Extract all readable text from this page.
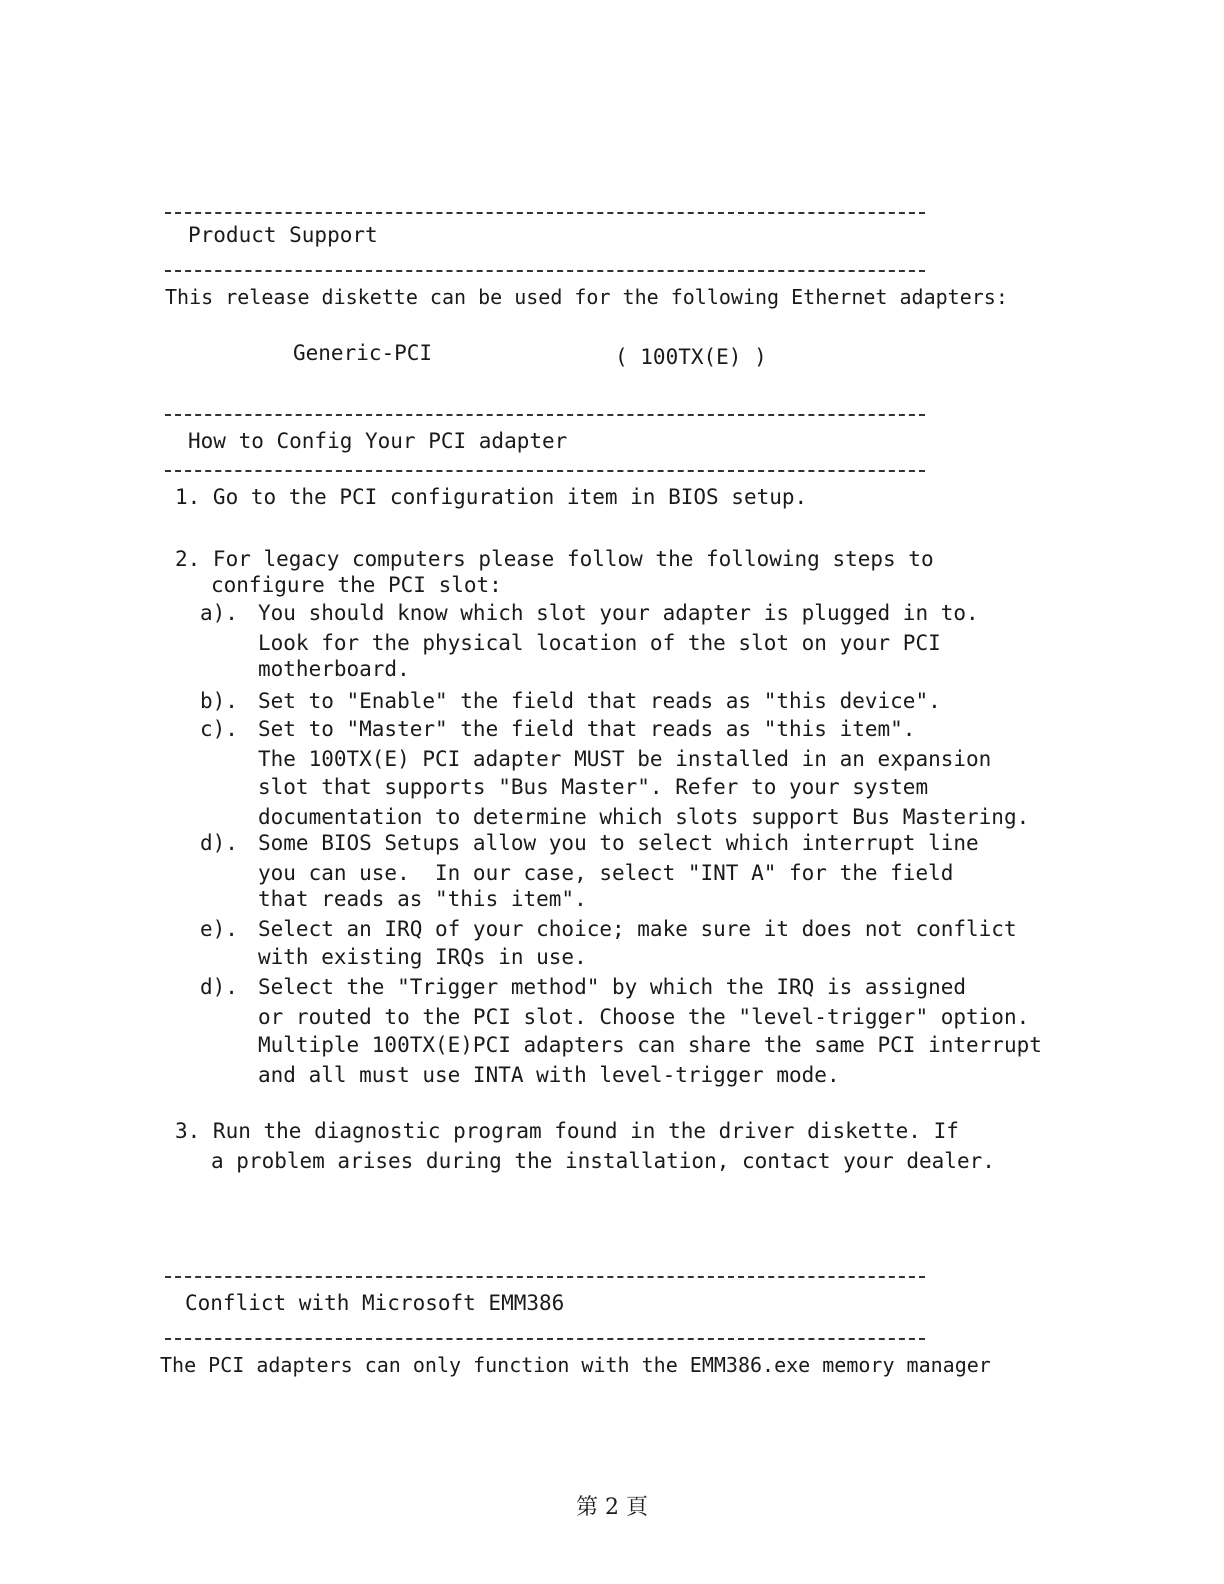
Product Support
This release diskette can be used for the following Ethernet adapters:
Generic-PCI	( 100TX(E) )
How to Config Your PCI adapter
1. Go to the PCI configuration item in BIOS setup.
2. For legacy computers please follow the following steps to
configure the PCI slot:
a). You should know which slot your adapter is plugged in to.
Look for the physical location of the slot on your PCI
motherboard.
b). Set to "Enable" the field that reads as "this device".
c). Set to "Master" the field that reads as "this item".
The 100TX(E) PCI adapter MUST be installed in an expansion
slot that supports "Bus Master". Refer to your system
documentation to determine which slots support Bus Mastering.
d). Some BIOS Setups allow you to select which interrupt line
you can use.  In our case, select "INT A" for the field
that reads as "this item".
e). Select an IRQ of your choice; make sure it does not conflict
with existing IRQs in use.
d). Select the "Trigger method" by which the IRQ is assigned
or routed to the PCI slot. Choose the "level-trigger" option.
Multiple 100TX(E)PCI adapters can share the same PCI interrupt
and all must use INTA with level-trigger mode.
3. Run the diagnostic program found in the driver diskette. If
a problem arises during the installation, contact your dealer.
Conflict with Microsoft EMM386
The PCI adapters can only function with the EMM386.exe memory manager
第 2 頁
